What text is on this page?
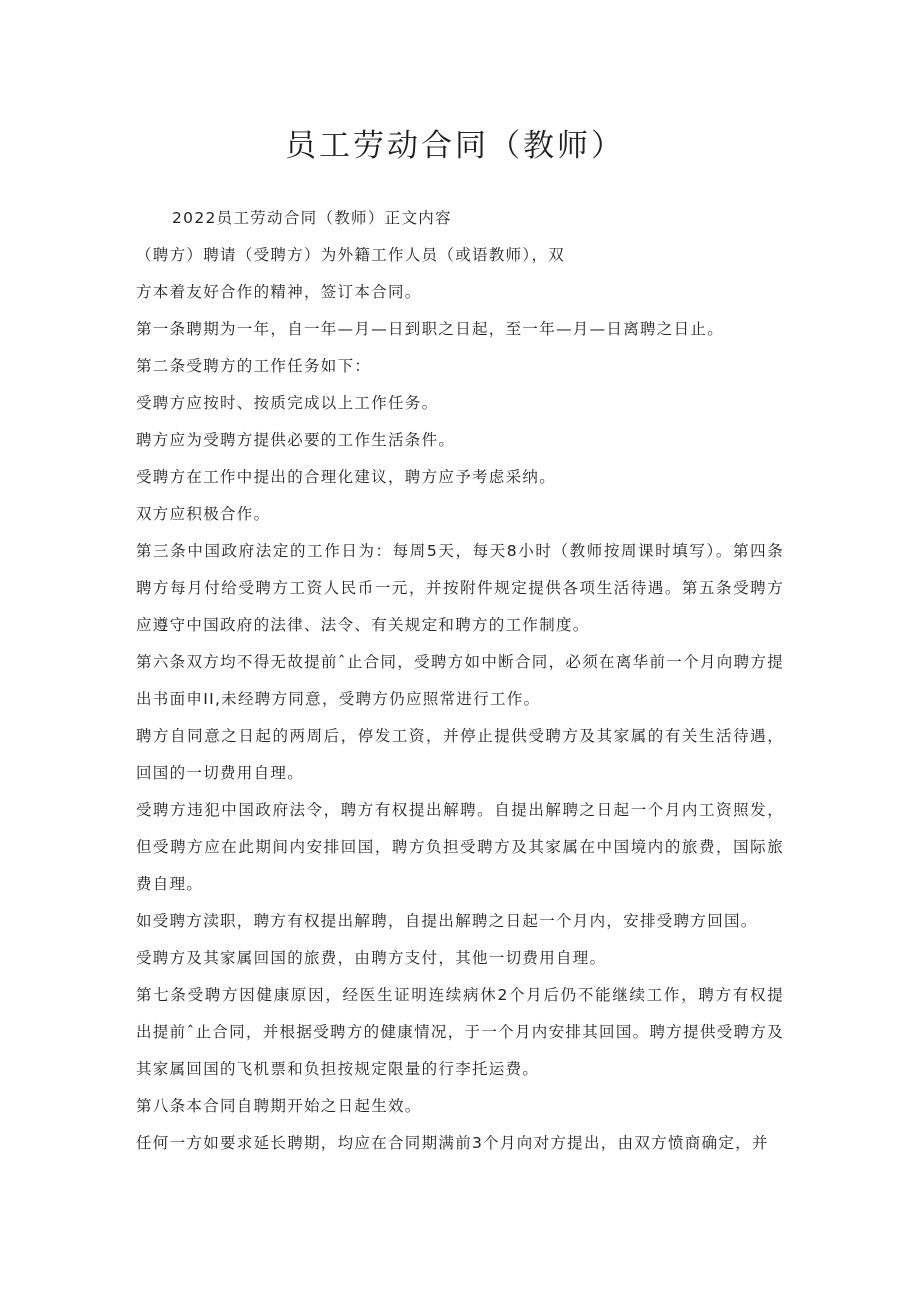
员工劳动合同（教师）

2022员工劳动合同（教师）正文内容

（聘方）聘请（受聘方）为外籍工作人员（或语教师），双

方本着友好合作的精神，签订本合同。

第一条聘期为一年，自一年—月—日到职之日起，至一年—月—日离聘之日止。

第二条受聘方的工作任务如下：

受聘方应按时、按质完成以上工作任务。

聘方应为受聘方提供必要的工作生活条件。

受聘方在工作中提出的合理化建议，聘方应予考虑采纳。

双方应积极合作。

第三条中国政府法定的工作日为：每周5天，每天8小时（教师按周课时填写）。第四条聘方每月付给受聘方工资人民币一元，并按附件规定提供各项生活待遇。第五条受聘方应遵守中国政府的法律、法令、有关规定和聘方的工作制度。

第六条双方均不得无故提前ˆ止合同，受聘方如中断合同，必须在离华前一个月向聘方提出书面申II,未经聘方同意，受聘方仍应照常进行工作。

聘方自同意之日起的两周后，停发工资，并停止提供受聘方及其家属的有关生活待遇，回国的一切费用自理。

受聘方违犯中国政府法令，聘方有权提出解聘。自提出解聘之日起一个月内工资照发，但受聘方应在此期间内安排回国，聘方负担受聘方及其家属在中国境内的旅费，国际旅费自理。

如受聘方渎职，聘方有权提出解聘，自提出解聘之日起一个月内，安排受聘方回国。

受聘方及其家属回国的旅费，由聘方支付，其他一切费用自理。

第七条受聘方因健康原因，经医生证明连续病休2个月后仍不能继续工作，聘方有权提出提前ˆ止合同，并根据受聘方的健康情况，于一个月内安排其回国。聘方提供受聘方及其家属回国的飞机票和负担按规定限量的行李托运费。

第八条本合同自聘期开始之日起生效。

任何一方如要求延长聘期，均应在合同期满前3个月向对方提出，由双方愤商确定，并
